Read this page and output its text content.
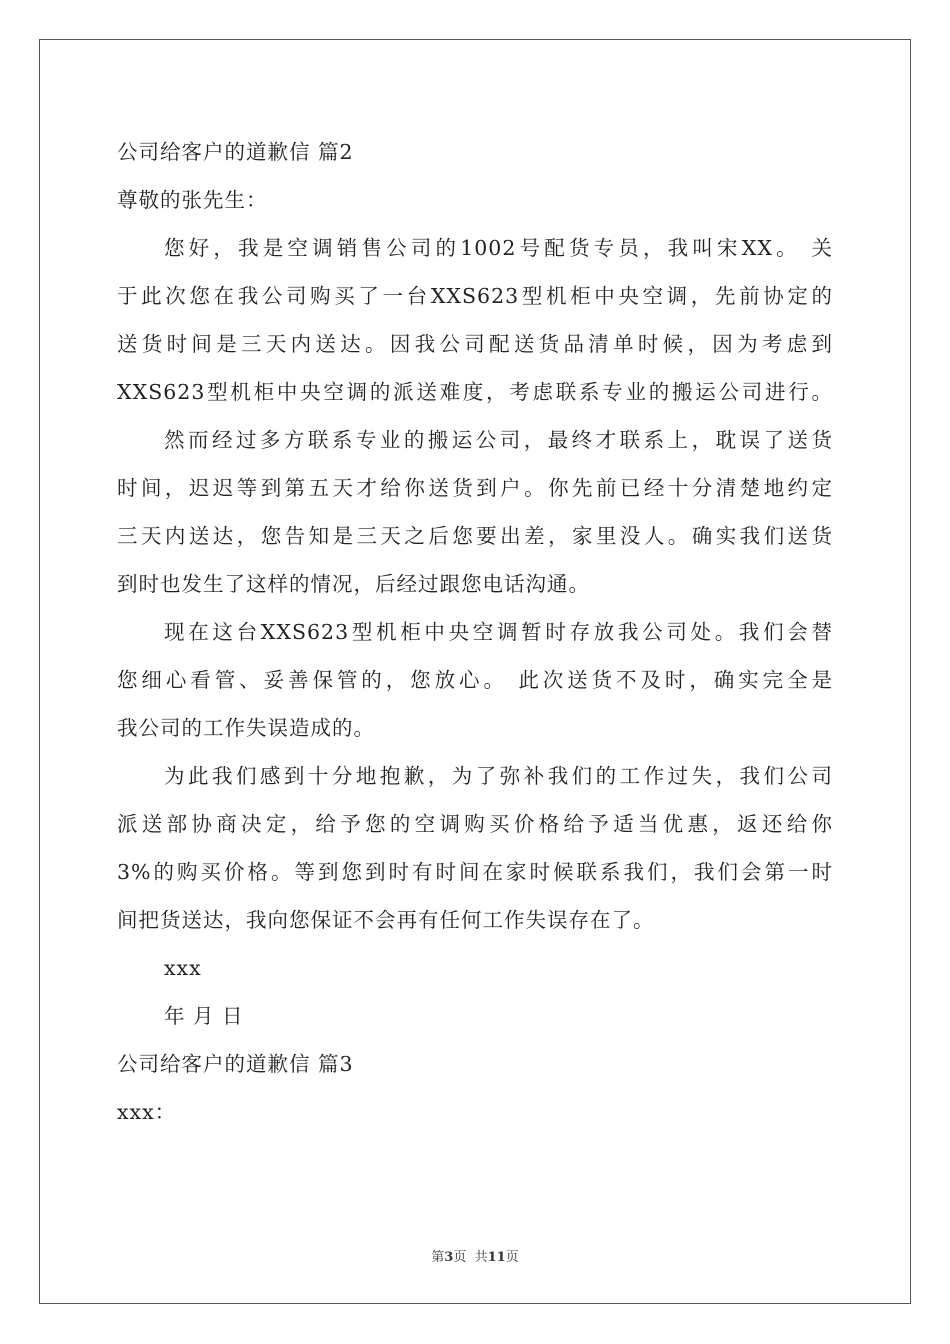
公司给客户的道歉信 篇2
尊敬的张先生：
您好，我是空调销售公司的1002号配货专员，我叫宋XX。 关
于此次您在我公司购买了一台XXS623型机柜中央空调，先前协定的
送货时间是三天内送达。因我公司配送货品清单时候，因为考虑到
XXS623型机柜中央空调的派送难度，考虑联系专业的搬运公司进行。
然而经过多方联系专业的搬运公司，最终才联系上，耽误了送货
时间，迟迟等到第五天才给你送货到户。你先前已经十分清楚地约定
三天内送达，您告知是三天之后您要出差，家里没人。确实我们送货
到时也发生了这样的情况，后经过跟您电话沟通。
现在这台XXS623型机柜中央空调暂时存放我公司处。我们会替
您细心看管、妥善保管的，您放心。 此次送货不及时，确实完全是
我公司的工作失误造成的。
为此我们感到十分地抱歉，为了弥补我们的工作过失，我们公司
派送部协商决定，给予您的空调购买价格给予适当优惠，返还给你
3%的购买价格。等到您到时有时间在家时候联系我们，我们会第一时
间把货送达，我向您保证不会再有任何工作失误存在了。
xxx
年 月 日
公司给客户的道歉信 篇3
xxx：
第3页  共11页
